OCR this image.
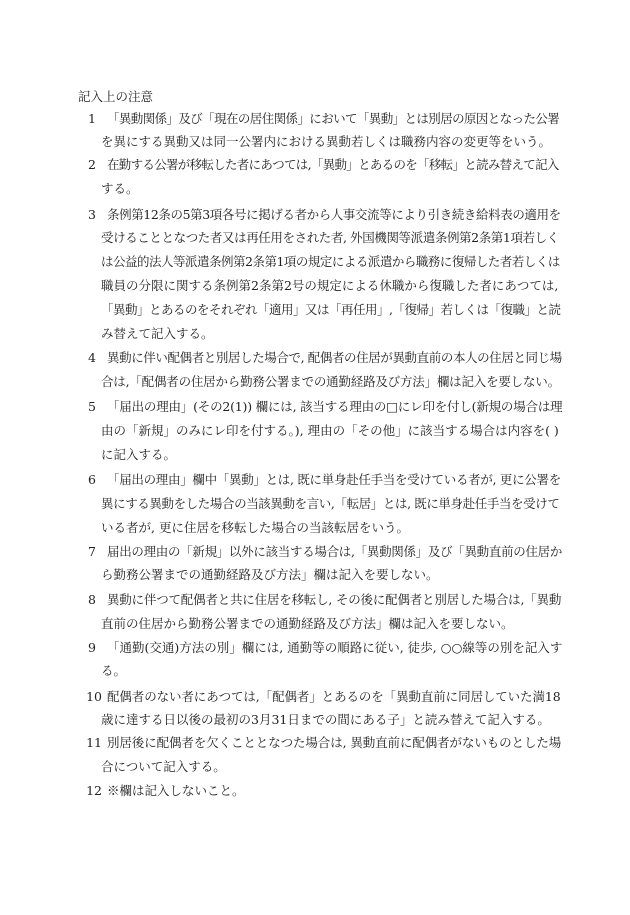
記入上の注意
1 「異動関係」及び「現在の居住関係」において「異動」とは別居の原因となった公署
を異にする異動又は同一公署内における異動若しくは職務内容の変更等をいう。
2 在勤する公署が移転した者にあつては,「異動」とあるのを「移転」と読み替えて記入
する。
3 条例第12条の5第3項各号に掲げる者から人事交流等により引き続き給料表の適用を
受けることとなつた者又は再任用をされた者, 外国機関等派遣条例第2条第1項若しく
は公益的法人等派遣条例第2条第1項の規定による派遣から職務に復帰した者若しくは
職員の分限に関する条例第2条第2号の規定による休職から復職した者にあつては,
「異動」とあるのをそれぞれ「適用」又は「再任用」,「復帰」若しくは「復職」と読
み替えて記入する。
4 異動に伴い配偶者と別居した場合で, 配偶者の住居が異動直前の本人の住居と同じ場
合は,「配偶者の住居から勤務公署までの通勤経路及び方法」欄は記入を要しない。
5 「届出の理由」(その2(1)) 欄には, 該当する理由の□にレ印を付し(新規の場合は理
由の「新規」のみにレ印を付する。), 理由の「その他」に該当する場合は内容を( )
に記入する。
6 「届出の理由」欄中「異動」とは, 既に単身赴任手当を受けている者が, 更に公署を
異にする異動をした場合の当該異動を言い,「転居」とは, 既に単身赴任手当を受けて
いる者が, 更に住居を移転した場合の当該転居をいう。
7 届出の理由の「新規」以外に該当する場合は,「異動関係」及び「異動直前の住居か
ら勤務公署までの通勤経路及び方法」欄は記入を要しない。
8 異動に伴つて配偶者と共に住居を移転し, その後に配偶者と別居した場合は,「異動
直前の住居から勤務公署までの通勤経路及び方法」欄は記入を要しない。
9 「通勤(交通)方法の別」欄には, 通勤等の順路に従い, 徒歩, ○○線等の別を記入す
る。
10 配偶者のない者にあつては,「配偶者」とあるのを「異動直前に同居していた満18
歳に達する日以後の最初の3月31日までの間にある子」と読み替えて記入する。
11 別居後に配偶者を欠くこととなつた場合は, 異動直前に配偶者がないものとした場
合について記入する。
12 ※欄は記入しないこと。
